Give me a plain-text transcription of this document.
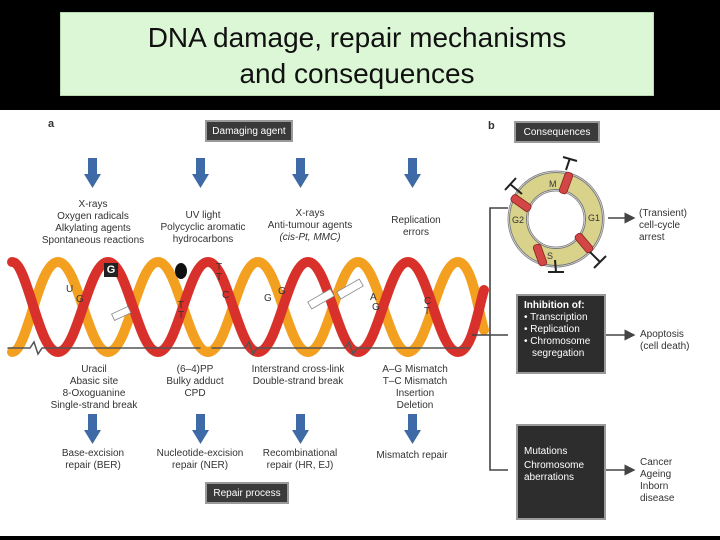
DNA damage, repair mechanisms
and consequences
a	b
Damaging agent
Repair process
Consequences
X-rays
Oxygen radicals
Alkylating agents
Spontaneous reactions
UV light
Polycyclic aromatic
hydrocarbons
X-rays
Anti-tumour agents
(cis-Pt, MMC)
Replication
errors
G
U
G
T
T
T
T
C	G
G
A
G
C
T
Uracil
Abasic site
8-Oxoguanine
Single-strand break
(6–4)PP
Bulky adduct
CPD
Interstrand cross-link
Double-strand break
A–G Mismatch
T–C Mismatch
Insertion
Deletion
Base-excision
repair (BER)
Nucleotide-excision
repair (NER)
Recombinational
repair (HR, EJ)
Mismatch repair
M
G1
S
G2
Inhibition of:
• Transcription
• Replication
• Chromosome
segregation
Mutations
Chromosome
aberrations
(Transient)
cell-cycle
arrest
Apoptosis
(cell death)
Cancer
Ageing
Inborn
disease
